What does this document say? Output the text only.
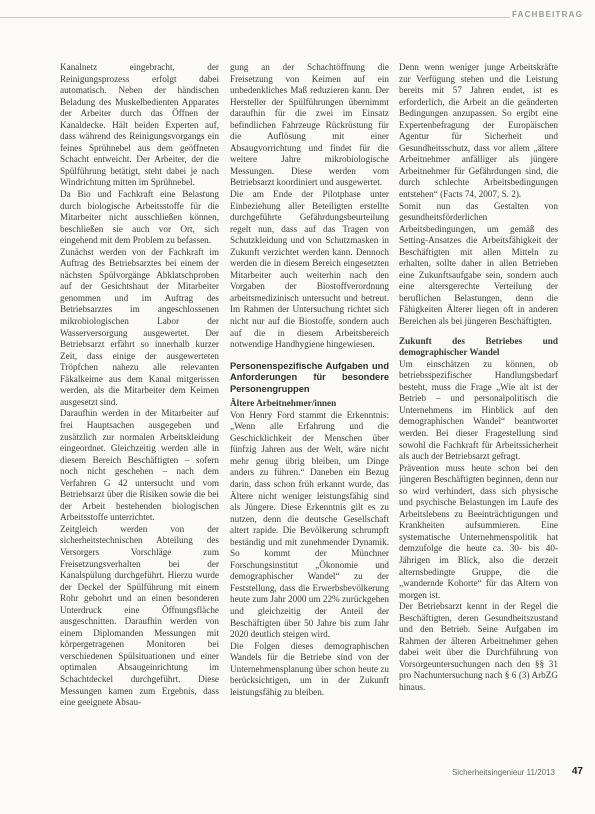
FACHBEITRAG

Kanalnetz eingebracht, der Reinigungsprozess erfolgt dabei automatisch. Neben der händischen Beladung des Muskelbedienten Apparates der Arbeiter durch das Öffnen der Kanaldecke. Hält beiden Experten auf, dass während des Reinigungsvorgangs ein feines Sprühnebel aus dem geöffneten Schacht entweicht. Der Arbeiter, der die Spülführung betätigt, steht dabei je nach Windrichtung mitten im Sprühnebel.

Da Bio und Fachkraft eine Belastung durch biologische Arbeitsstoffe für die Mitarbeiter nicht ausschließen können, beschließen sie auch vor Ort, sich eingehend mit dem Problem zu befassen.

Zunächst werden von der Fachkraft im Auftrag des Betriebsarztes bei einem der nächsten Spülvorgänge Abklatschproben auf der Gesichtshaut der Mitarbeiter genommen und im Auftrag des Betriebsarztes im angeschlossenen mikrobiologischen Labor der Wasserversorgung ausgewertet. Der Betriebsarzt erfährt so innerhalb kurzer Zeit, dass einige der ausgewerteten Tröpfchen nahezu alle relevanten Fäkalkeime aus dem Kanal mitgerissen werden, als die Mitarbeiter dem Keimen ausgesetzt sind.

Daraufhin werden in der Mitarbeiter auf frei Hauptsachen ausgegeben und zusätzlich zur normalen Arbeitskleidung eingeordnet. Gleichzeitig werden alle in diesem Bereich Beschäftigten – sofern noch nicht geschehen – nach dem Verfahren G 42 untersucht und vom Betriebsarzt über die Risiken sowie die bei der Arbeit bestehenden biologischen Arbeitsstoffe unterrichtet.

Zeitgleich werden von der sicherheitstechnischen Abteilung des Versorgers Vorschläge zum Freisetzungsverhalten bei der Kanalspülung durchgeführt. Hierzu wurde der Deckel der Spülführung mit einem Rohr gebohrt und an einen besonderen Unterdruck eine Öffnungsfläche ausgeschnitten. Daraufhin werden von einem Diplomanden Messungen mit körpergetragenen Monitoren bei verschiedenen Spülsituationen und einer optimalen Absaugeinrichtung im Schachtdeckel durchgeführt. Diese Messungen kamen zum Ergebnis, dass eine geeignete Absau-

gung an der Schachtöffnung die Freisetzung von Keimen auf ein unbedenkliches Maß reduzieren kann. Der Hersteller der Spülführungen übernimmt daraufhin für die zwei im Einsatz befindlichen Fahrzeuge Rückrüstung für die Auflösung mit einer Absaugvorrichtung und findet für die weitere Jahre mikrobiologische Messungen. Diese werden vom Betriebsarzt koordiniert und ausgewertet.

Die am Ende der Pilotphase unter Einbeziehung aller Beteiligten erstellte durchgeführte Gefährdungsbeurteilung regelt nun, dass auf das Tragen von Schutzkleidung und von Schutzmasken in Zukunft verzichtet werden kann. Dennoch werden die in diesem Bereich eingesetzten Mitarbeiter auch weiterhin nach den Vorgaben der Biostoffverordnung arbeitsmedizinisch untersucht und betreut. Im Rahmen der Untersuchung richtet sich nicht nur auf die Biostoffe, sondern auch auf die in diesem Arbeitsbereich notwendige Handhygiene hingewiesen.

Personenspezifische Aufgaben und Anforderungen für besondere Personengruppen

Ältere Arbeitnehmer/innen

Von Henry Ford stammt die Erkenntnis: „Wenn alle Erfahrung und die Geschicklichkeit der Menschen über fünfzig Jahren aus der Welt, wäre nicht mehr genug übrig bleiben, um Dinge anders zu führen.“ Daneben ein Bezug darin, dass schon früh erkannt wurde, das Ältere nicht weniger leistungsfähig sind als Jüngere. Diese Erkenntnis gilt es zu nutzen, denn die deutsche Gesellschaft altert rapide. Die Bevölkerung schrumpft beständig und mit zunehmender Dynamik. So kommt der Münchner Forschungsinstitut „Ökonomie und demographischer Wandel“ zu der Feststellung, dass die Erwerbsbevölkerung heute zum Jahr 2000 um 22% zurückgehen und gleichzeitig der Anteil der Beschäftigten über 50 Jahre bis zum Jahr 2020 deutlich steigen wird.

Die Folgen dieses demographischen Wandels für die Betriebe sind von der Unternehmensplanung über schon heute zu berücksichtigen, um in der Zukunft leistungsfähig zu bleiben.

Denn wenn weniger junge Arbeitskräfte zur Verfügung stehen und die Leistung bereits mit 57 Jahren endet, ist es erforderlich, die Arbeit an die geänderten Bedingungen anzupassen. So ergibt eine Expertenbefragung der Europäischen Agentur für Sicherheit und Gesundheitsschutz, dass vor allem „ältere Arbeitnehmer anfälliger als jüngere Arbeitnehmer für Gefährdungen sind, die durch schlechte Arbeitsbedingungen entstehen“ (Facts 74, 2007, S. 2).

Somit nun das Gestalten von gesundheitsförderlichen Arbeitsbedingungen, um gemäß des Setting-Ansatzes die Arbeitsfähigkeit der Beschäftigten mit allen Mitteln zu erhalten, sollte daher in allen Betrieben eine Zukunftsaufgabe sein, sondern auch eine altersgerechte Verteilung der beruflichen Belastungen, denn die Fähigkeiten Älterer liegen oft in anderen Bereichen als bei jüngeren Beschäftigten.

Zukunft des Betriebes und demographischer Wandel

Um einschätzen zu können, ob betriebsspezifischer Handlungsbedarf besteht, muss die Frage „Wie alt ist der Betrieb – und personalpolitisch die Unternehmens im Hinblick auf den demographischen Wandel“ beantwortet werden. Bei dieser Fragestellung sind sowohl die Fachkraft für Arbeitssicherheit als auch der Betriebsarzt gefragt.

Prävention muss heute schon bei den jüngeren Beschäftigten beginnen, denn nur so wird verhindert, dass sich physische und psychische Belastungen im Laufe des Arbeitslebens zu Beeinträchtigungen und Krankheiten aufsummieren. Eine systematische Unternehmenspolitik hat demzufolge die heute ca. 30- bis 40-Jährigen im Blick, also die derzeit alternsbedingte Gruppe, die die „wandernde Kohorte“ für das Altern von morgen ist.

Der Betriebsarzt kennt in der Regel die Beschäftigten, deren Gesundheitszustand und den Betrieb. Seine Aufgaben im Rahmen der älteren Arbeitnehmer gehen dabei weit über die Durchführung von Vorsorgeuntersuchungen nach den §§ 31 pro Nachuntersuchung nach § 6 (3) ArbZG hinaus.

Sicherheitsingenieur 11/2013 47
